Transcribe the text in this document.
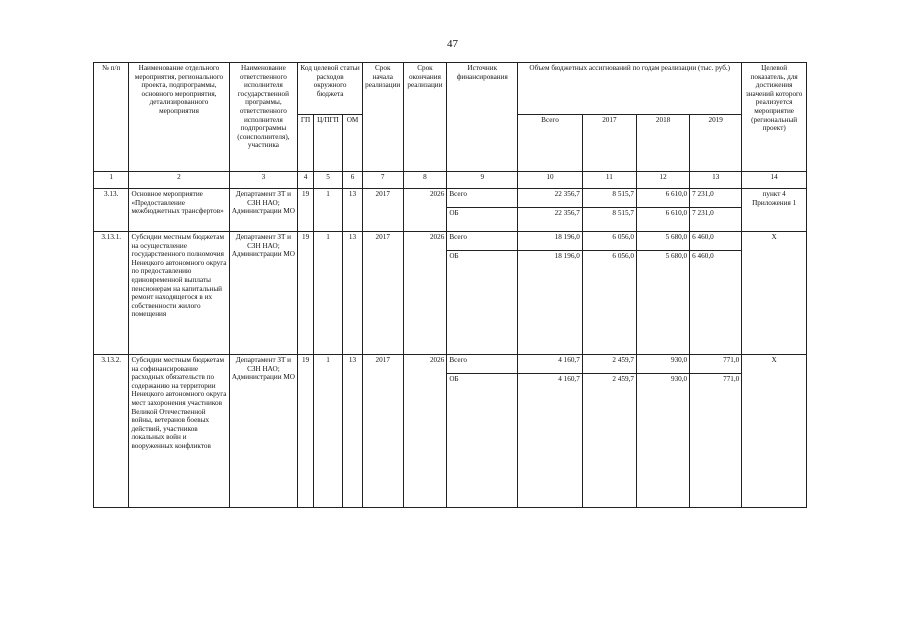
47
№ п/п	Наименование отдельного мероприятия, регионального проекта, подпрограммы, основного мероприятия, детализированного мероприятия	Наименование ответственного исполнителя государственной программы, ответственного исполнителя подпрограммы (соисполнителя), участника	Код целевой статьи расходов окружного бюджета			Срок начала реализации	Срок окончания реализации	Источник финансирования	Объем бюджетных ассигнований по годам реализации (тыс. руб.)				Целевой показатель, для достижения значений которого реализуется мероприятие (региональный проект)
			ГП	Ц/ПГП	ОМ				Всего	2017	2018	2019	
1	2	3	4	5	6	7	8	9	10	11	12	13	14
3.13.	Основное мероприятие «Предоставление межбюджетных трансфертов»	Департамент ЗТ и СЗН НАО; Администрации МО	19	1	13	2017	2026	Всего	22 356,7	8 515,7	6 610,0	7 231,0	пункт 4 Приложения 1
								ОБ	22 356,7	8 515,7	6 610,0	7 231,0	
3.13.1.	Субсидии местным бюджетам на осуществление государственного полномочия Ненецкого автономного округа по предоставлению единовременной выплаты пенсионерам на капитальный ремонт находящегося в их собственности жилого помещения	Департамент ЗТ и СЗН НАО; Администрации МО	19	1	13	2017	2026	Всего	18 196,0	6 056,0	5 680,0	6 460,0	Х
								ОБ	18 196,0	6 056,0	5 680,0	6 460,0	
3.13.2.	Субсидии местным бюджетам на софинансирование расходных обязательств по содержанию на территории Ненецкого автономного округа мест захоронения участников Великой Отечественной войны, ветеранов боевых действий, участников локальных войн и вооруженных конфликтов	Департамент ЗТ и СЗН НАО; Администрации МО	19	1	13	2017	2026	Всего	4 160,7	2 459,7	930,0	771,0	Х
								ОБ	4 160,7	2 459,7	930,0	771,0	
